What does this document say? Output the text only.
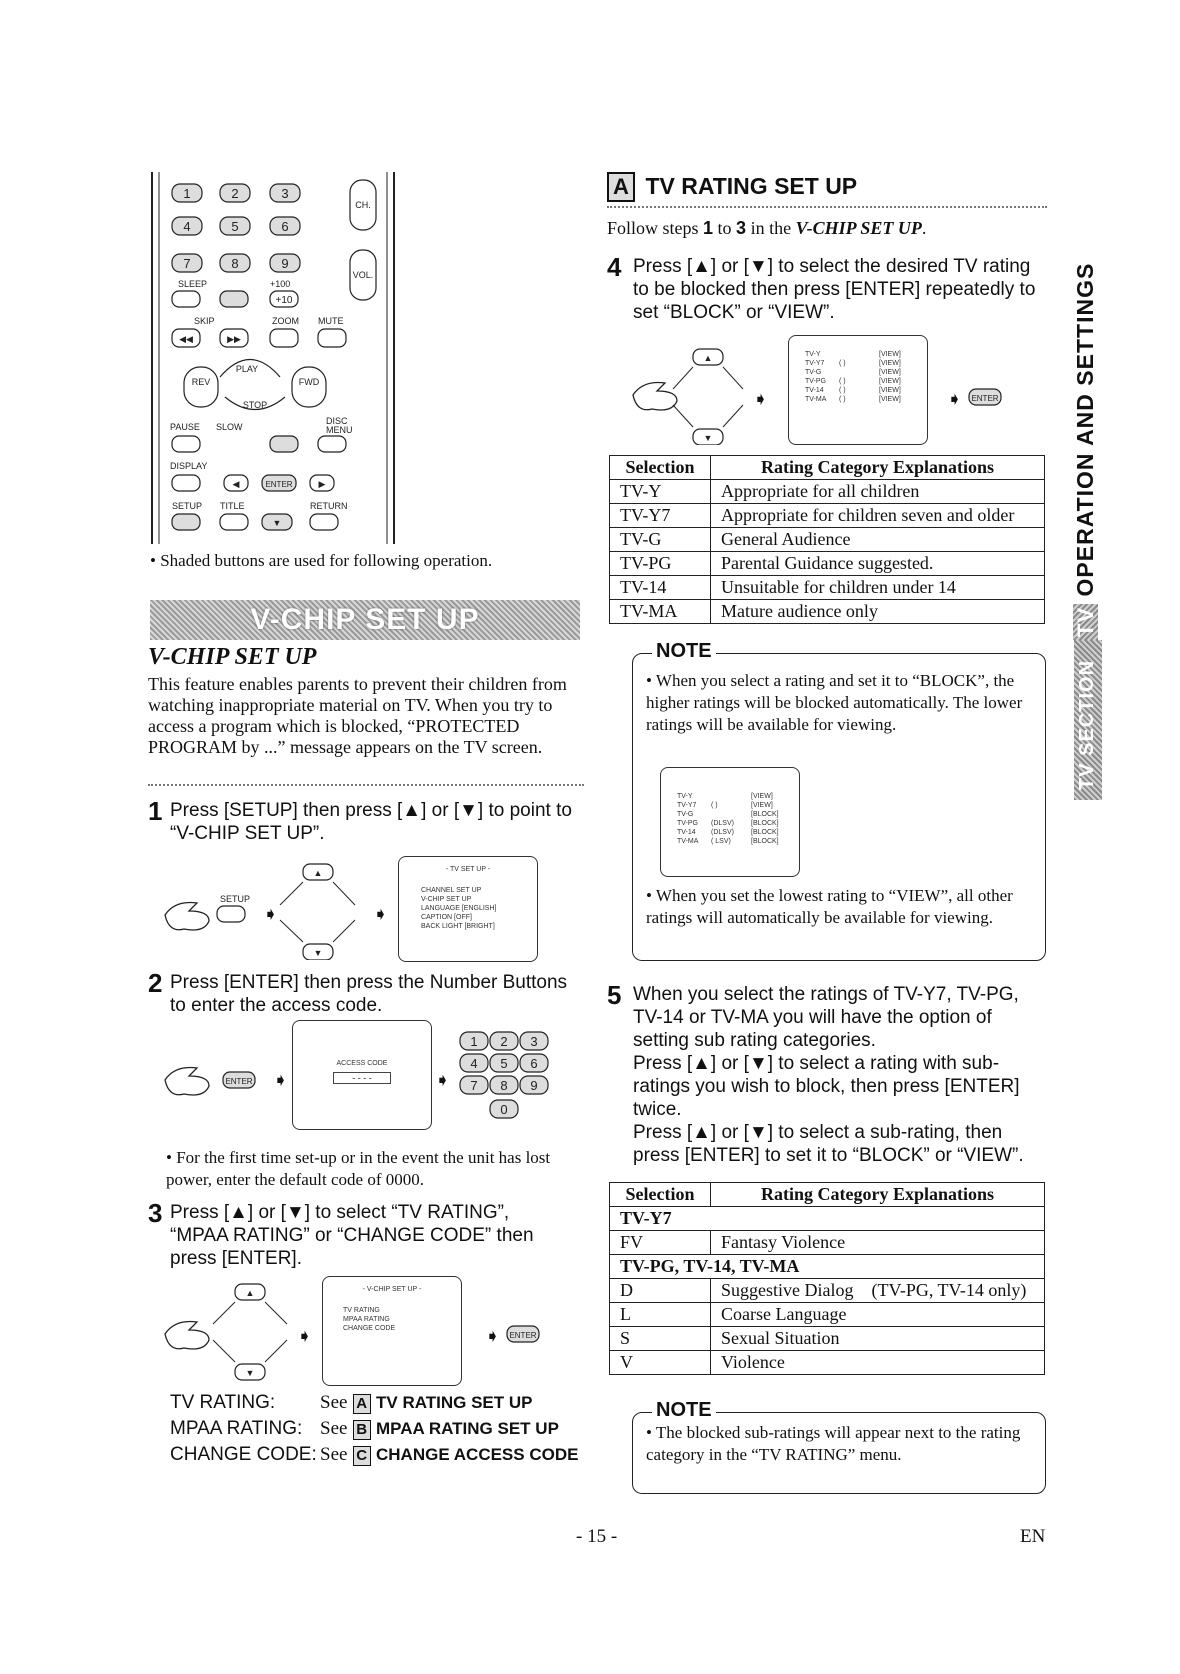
1	2	3
4	5	6
7	8	9
CH.
VOL.
SLEEP	+100
+10
SKIP	ZOOM MUTE
◀◀	▶▶
PLAY
REV	FWD
STOP
PAUSE SLOW
DISC
MENU
DISPLAY
◀	ENTER	▶
SETUP TITLE	RETURN
▼
• Shaded buttons are used for following operation.
V-CHIP SET UP
V-CHIP SET UP
This feature enables parents to prevent their children from watching inappropriate material on TV. When you try to access a program which is blocked, “PROTECTED PROGRAM by ...” message appears on the TV screen.
1 Press [SETUP] then press [▲] or [▼] to point to “V-CHIP SET UP”.
SETUP
➧
▲
▼
➧
- TV SET UP -
CHANNEL SET UP
V-CHIP SET UP
LANGUAGE [ENGLISH]
CAPTION [OFF]
BACK LIGHT [BRIGHT]
2 Press [ENTER] then press the Number Buttons to enter the access code.
ENTER ➧	➧
1 2 3
4 5 6
7 8 9
0
ACCESS CODE
- - - -
• For the first time set-up or in the event the unit has lost power, enter the default code of 0000.
3 Press [▲] or [▼] to select “TV RATING”, “MPAA RATING” or “CHANGE CODE” then press [ENTER].
▲
▼
➧	➧ ENTER
- V-CHIP SET UP -
TV RATING
MPAA RATING
CHANGE CODE
TV RATING: See A TV RATING SET UP
MPAA RATING: See B MPAA RATING SET UP
CHANGE CODE: See C CHANGE ACCESS CODE
A TV RATING SET UP
Follow steps 1 to 3 in the V-CHIP SET UP.
4 Press [▲] or [▼] to select the desired TV rating to be blocked then press [ENTER] repeatedly to set “BLOCK” or “VIEW”.
▲
▼
➧	➧ ENTER
TV-Y	[VIEW]
TV-Y7 ( )	[VIEW]
TV-G	[VIEW]
TV-PG ( )	[VIEW]
TV-14 ( )	[VIEW]
TV-MA ( )	[VIEW]
Selection	Rating Category Explanations
TV-Y	Appropriate for all children
TV-Y7	Appropriate for children seven and older
TV-G	General Audience
TV-PG	Parental Guidance suggested.
TV-14	Unsuitable for children under 14
TV-MA	Mature audience only
NOTE
• When you select a rating and set it to “BLOCK”, the higher ratings will be blocked automatically. The lower ratings will be available for viewing.
TV-Y	[VIEW]
TV-Y7 ( )	[VIEW]
TV-G	[BLOCK]
TV-PG (DLSV) [BLOCK]
TV-14 (DLSV) [BLOCK]
TV-MA ( LSV)	[BLOCK]
• When you set the lowest rating to “VIEW”, all other ratings will automatically be available for viewing.
5 When you select the ratings of TV-Y7, TV-PG, TV-14 or TV-MA you will have the option of setting sub rating categories.
Press [▲] or [▼] to select a rating with sub-ratings you wish to block, then press [ENTER] twice.
Press [▲] or [▼] to select a sub-rating, then press [ENTER] to set it to “BLOCK” or “VIEW”.
Selection	Rating Category Explanations
TV-Y7	
FV	Fantasy Violence
TV-PG, TV-14, TV-MA	
D	Suggestive Dialog    (TV-PG, TV-14 only)
L	Coarse Language
S	Sexual Situation
V	Violence
NOTE
• The blocked sub-ratings will appear next to the rating category in the “TV RATING” menu.
TV OPERATION AND SETTINGS
TV SECTION
- 15 -	EN
